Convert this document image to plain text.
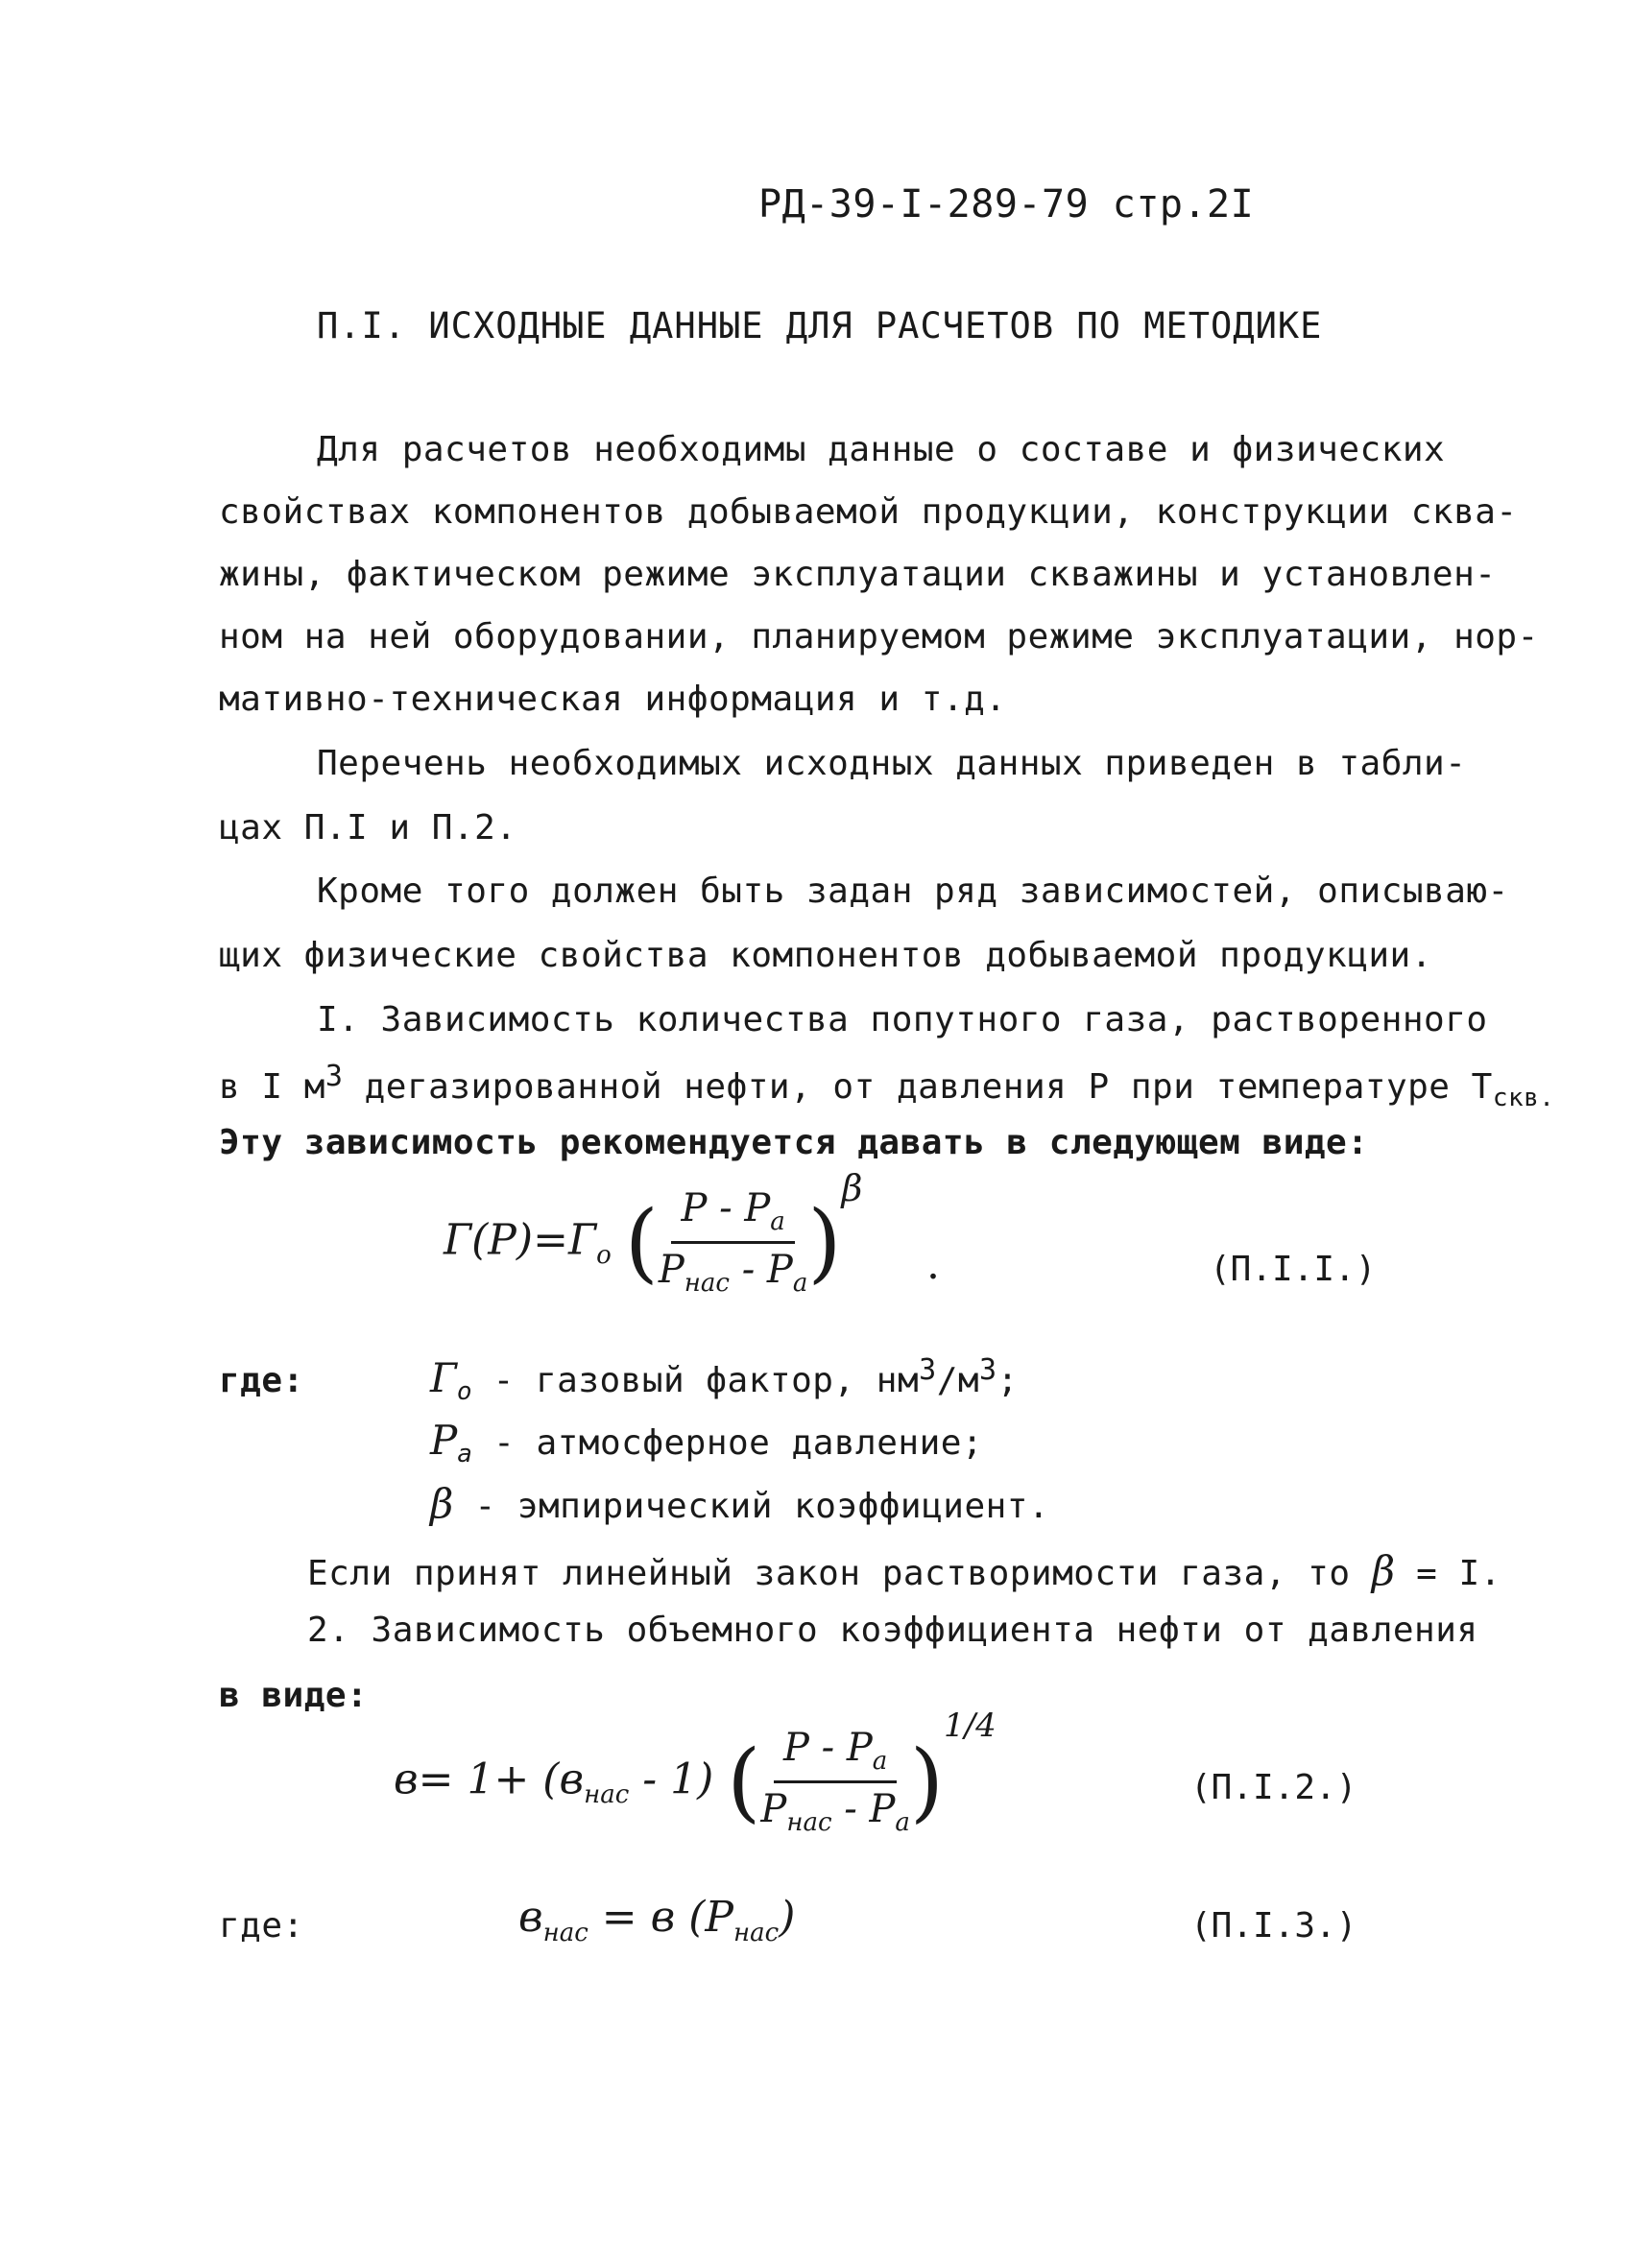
РД-39-I-289-79 стр.2I
П.I. ИСХОДНЫЕ ДАННЫЕ ДЛЯ РАСЧЕТОВ ПО МЕТОДИКЕ
Для расчетов необходимы данные о составе и физических
свойствах компонентов добываемой продукции, конструкции сква-
жины, фактическом режиме эксплуатации скважины и установлен-
ном на ней оборудовании, планируемом режиме эксплуатации, нор-
мативно-техническая информация и т.д.
Перечень необходимых исходных данных приведен в табли-
цах П.I и П.2.
Кроме того должен быть задан ряд зависимостей, описываю-
щих физические свойства компонентов добываемой продукции.
I. Зависимость количества попутного газа, растворенного
в I $м^3$ дегазированной нефти, от давления Р при температуре $Т_{скв.}$
Эту зависимость рекомендуется давать в следующем виде:
$Г(Р)=Г_o$ ( $\frac{Р - Р_a}{Р_{нас} - Р_a} )\beta$
.	(П.I.I.)
где:	$Г_o$ - газовый фактор, $нм^3/м^3$;
$Р_a$ - атмосферное давление;
β - эмпирический коэффициент.
Если принят линейный закон растворимости газа, то β = I.
2. Зависимость объемного коэффициента нефти от давления
в виде:
$в= 1+ (в_{нас} - 1)$ ( $\frac{Р - Р_a}{Р_{нас} - Р_a} )^{1/4}$
(П.I.2.)
где:	$в_{нас} = в$ $(Р_{нас})$	(П.I.3.)
